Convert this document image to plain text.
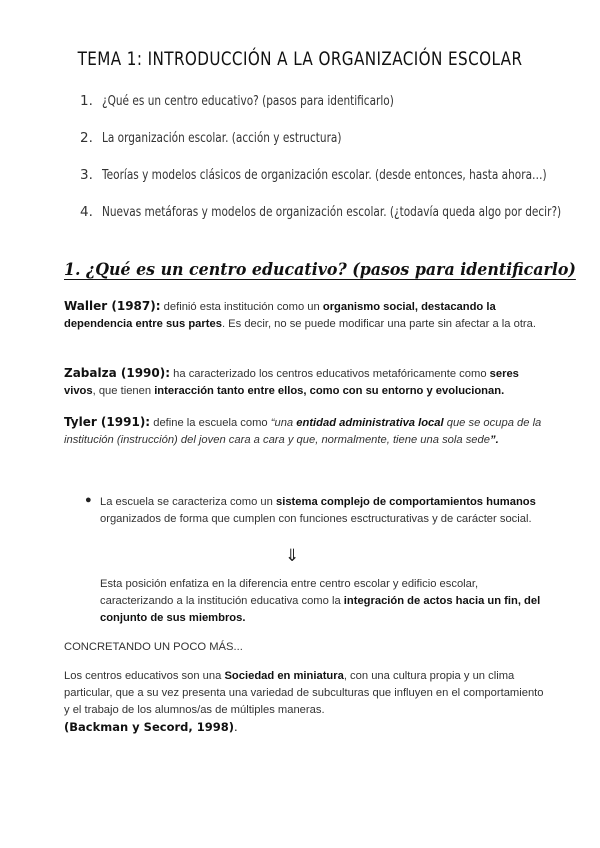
TEMA 1: INTRODUCCIÓN A LA ORGANIZACIÓN ESCOLAR
1. ¿Qué es un centro educativo? (pasos para identificarlo)
2. La organización escolar. (acción y estructura)
3. Teorías y modelos clásicos de organización escolar. (desde entonces, hasta ahora…)
4. Nuevas metáforas y modelos de organización escolar. (¿todavía queda algo por decir?)
1. ¿Qué es un centro educativo? (pasos para identificarlo)
Waller (1987): definió esta institución como un organismo social, destacando la dependencia entre sus partes. Es decir, no se puede modificar una parte sin afectar a la otra.
Zabalza (1990): ha caracterizado los centros educativos metafóricamente como seres vivos, que tienen interacción tanto entre ellos, como con su entorno y evolucionan.
Tyler (1991): define la escuela como “una entidad administrativa local que se ocupa de la institución (instrucción) del joven cara a cara y que, normalmente, tiene una sola sede”.
● La escuela se caracteriza como un sistema complejo de comportamientos humanos organizados de forma que cumplen con funciones esctructurativas y de carácter social.
⇓
Esta posición enfatiza en la diferencia entre centro escolar y edificio escolar, caracterizando a la institución educativa como la integración de actos hacia un fin, del conjunto de sus miembros.
CONCRETANDO UN POCO MÁS...
Los centros educativos son una Sociedad en miniatura, con una cultura propia y un clima particular, que a su vez presenta una variedad de subculturas que influyen en el comportamiento y el trabajo de los alumnos/as de múltiples maneras.
(Backman y Secord, 1998).
